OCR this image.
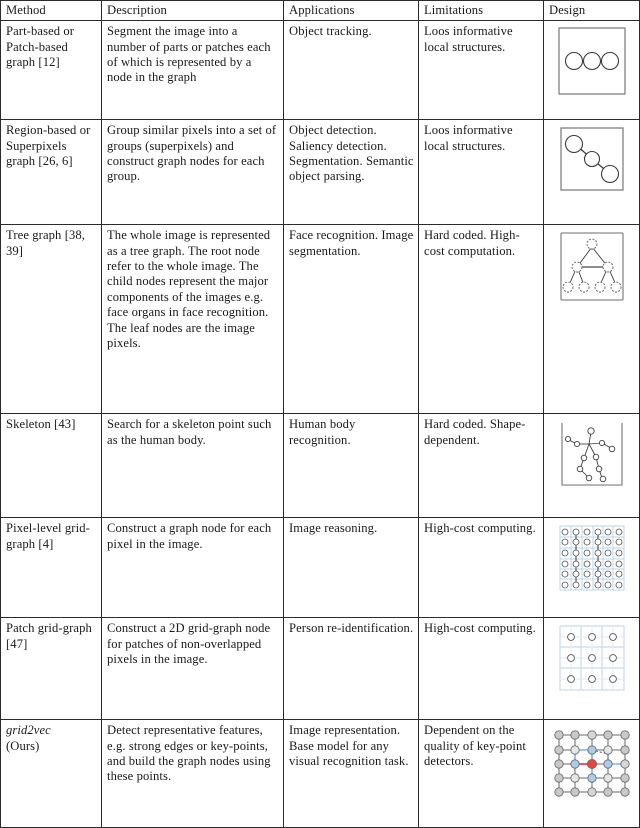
Method	Description	Applications	Limitations	Design
Part-based or Patch-based graph [12]	Segment the image into a number of parts or patches each of which is represented by a node in the graph	Object tracking.	Loos informative local structures.	

Region-based or Superpixels graph [26, 6]	Group similar pixels into a set of groups (superpixels) and construct graph nodes for each group.	Object detection. Saliency detection. Segmentation. Semantic object parsing.	Loos informative local structures.	

Tree graph [38, 39]	The whole image is represented as a tree graph. The root node refer to the whole image. The child nodes represent the major components of the images e.g. face organs in face recognition. The leaf nodes are the image pixels.	Face recognition. Image segmentation.	Hard coded. High-cost computation.	

Skeleton [43]	Search for a skeleton point such as the human body.	Human body recognition.	Hard coded. Shape-dependent.	

Pixel-level grid-graph [4]	Construct a graph node for each pixel in the image.	Image reasoning.	High-cost computing.	

Patch grid-graph [47]	Construct a 2D grid-graph node for patches of non-overlapped pixels in the image.	Person re-identification.	High-cost computing.	

grid2vec
(Ours)	Detect representative features, e.g. strong edges or key-points, and build the graph nodes using these points.	Image representation. Base model for any visual recognition task.	Dependent on the quality of key-point detectors.	
